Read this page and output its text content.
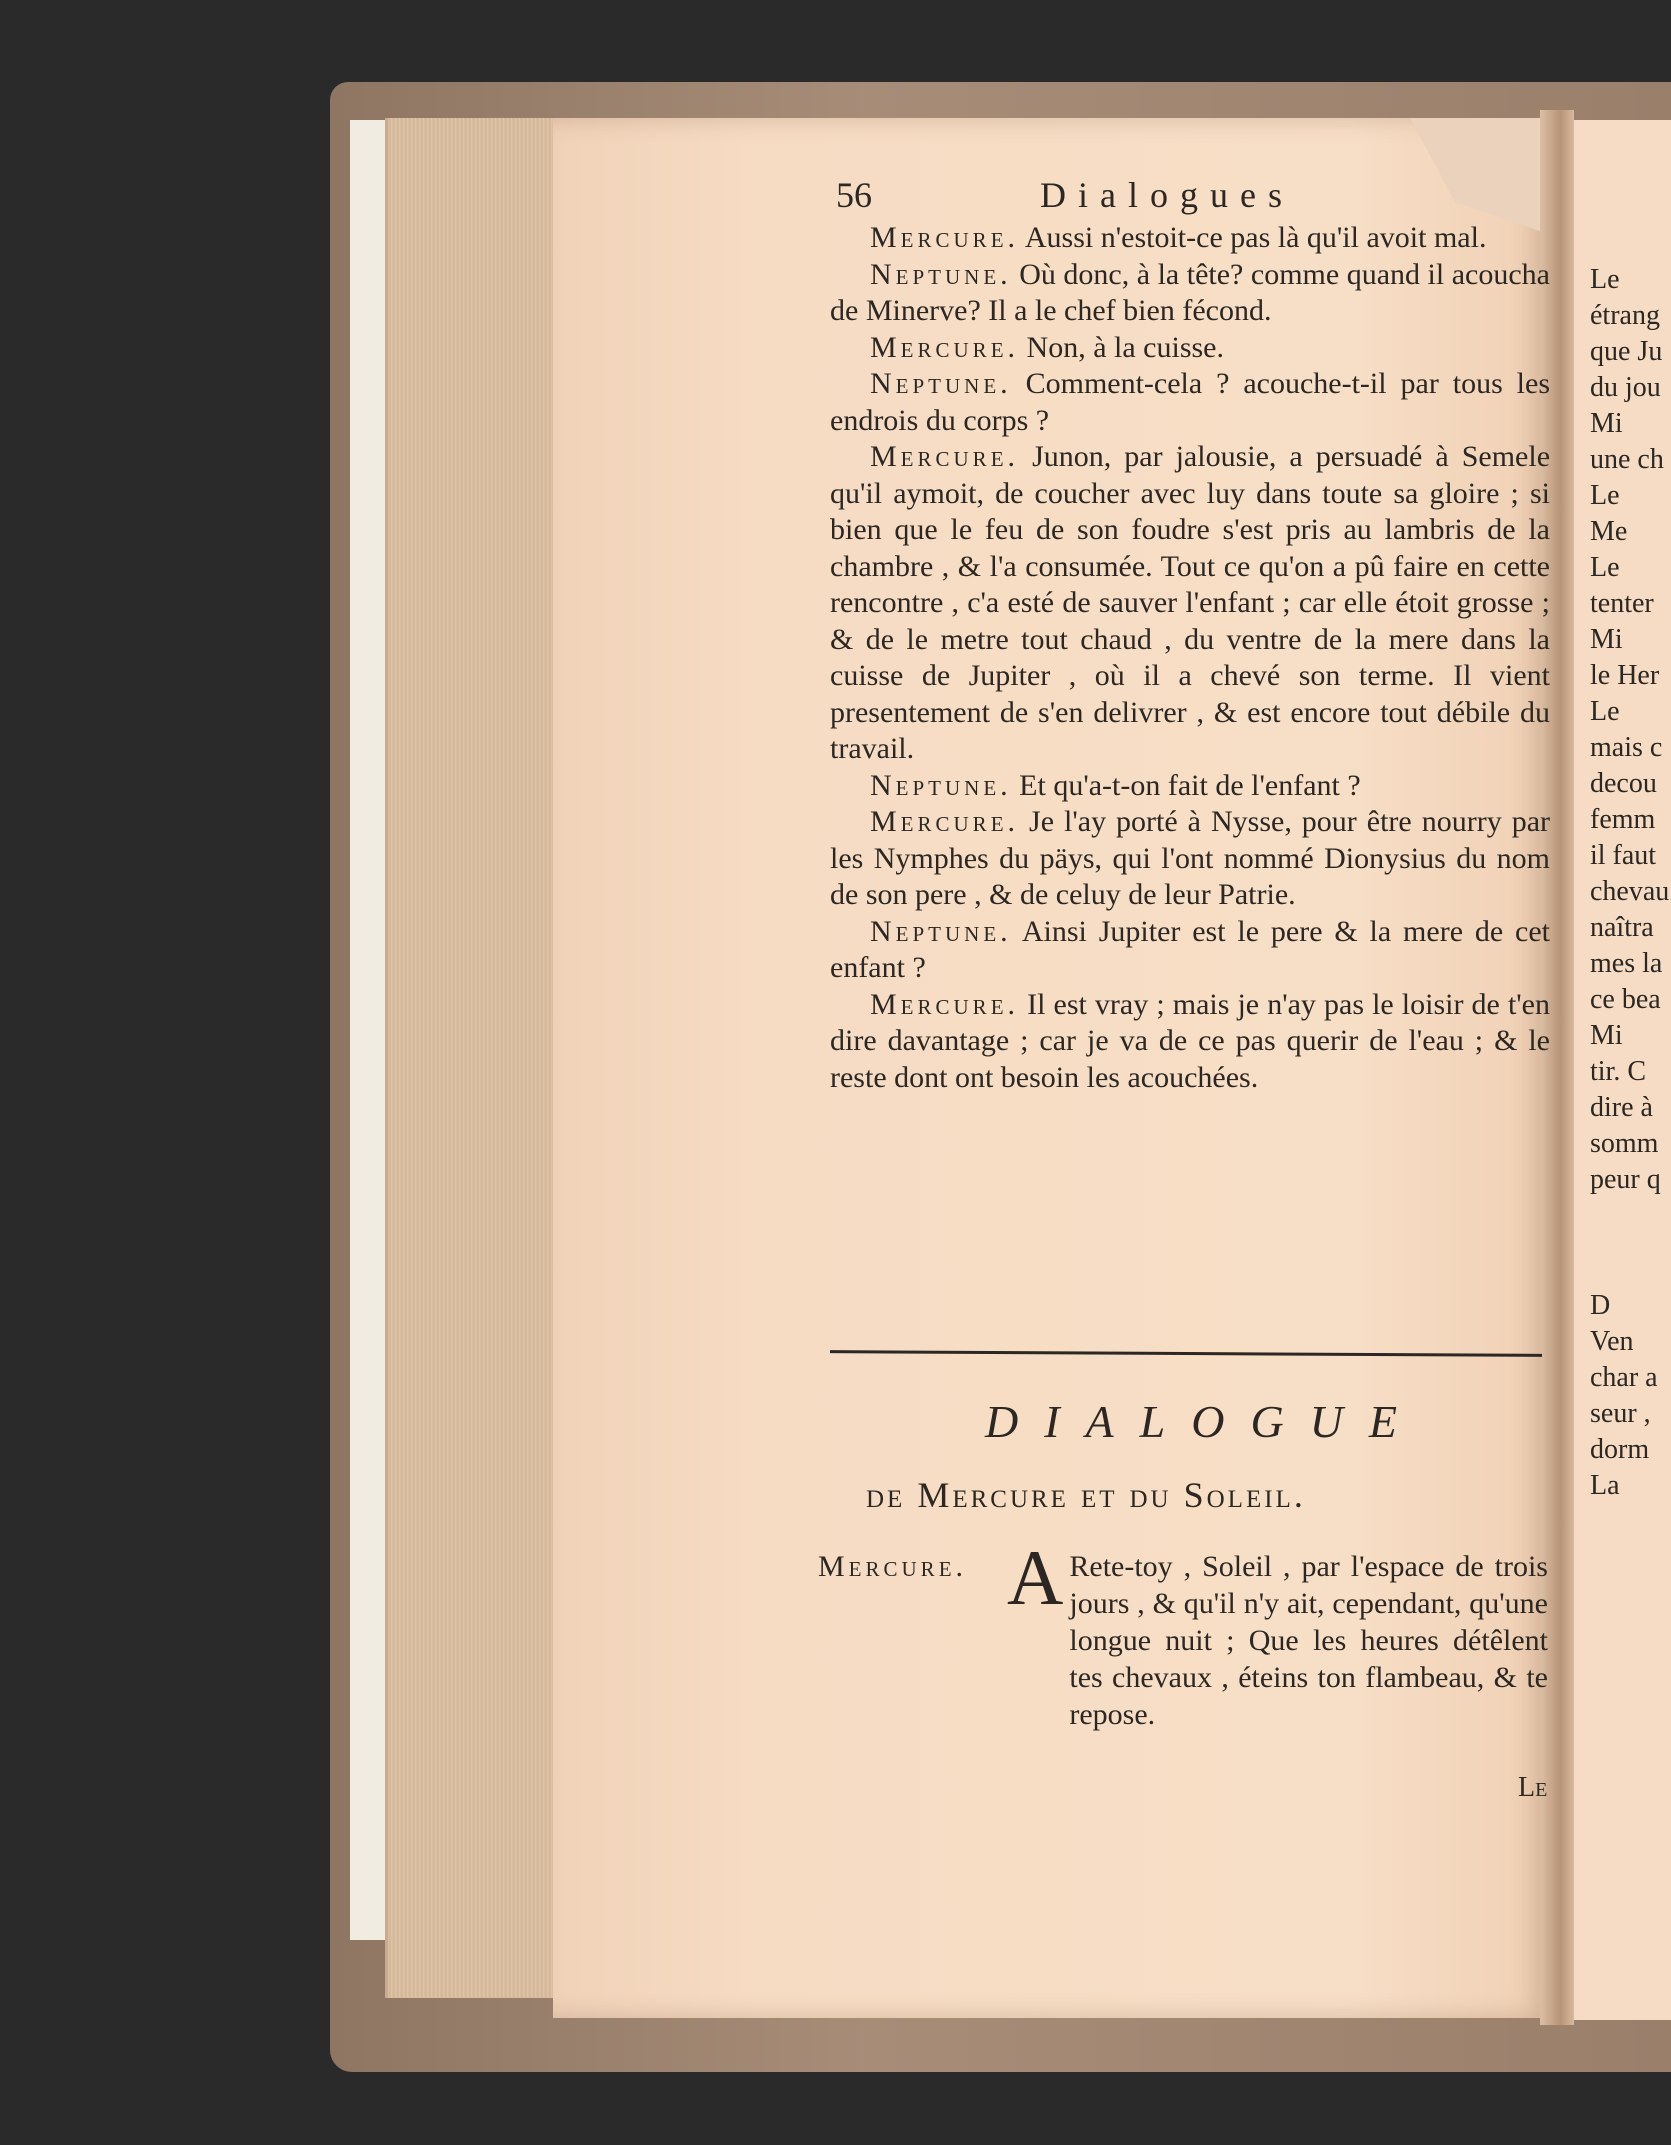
56	Dialogues

Mercure. Aussi n'estoit-ce pas là qu'il avoit mal.

Neptune. Où donc, à la tête? comme quand il acoucha de Minerve? Il a le chef bien fécond.

Mercure. Non, à la cuisse.

Neptune. Comment-cela ? acouche-t-il par tous les endrois du corps ?

Mercure. Junon, par jalousie, a persuadé à Semele qu'il aymoit, de coucher avec luy dans toute sa gloire ; si bien que le feu de son foudre s'est pris au lambris de la chambre , & l'a consumée. Tout ce qu'on a pû faire en cette rencontre , c'a esté de sauver l'enfant ; car elle étoit grosse ; & de le metre tout chaud , du ventre de la mere dans la cuisse de Jupiter , où il a chevé son terme. Il vient presentement de s'en delivrer , & est encore tout débile du travail.

Neptune. Et qu'a-t-on fait de l'enfant ?

Mercure. Je l'ay porté à Nysse, pour être nourry par les Nymphes du päys, qui l'ont nommé Dionysius du nom de son pere , & de celuy de leur Patrie.

Neptune. Ainsi Jupiter est le pere & la mere de cet enfant ?

Mercure. Il est vray ; mais je n'ay pas le loisir de t'en dire davantage ; car je va de ce pas querir de l'eau ; & le reste dont ont besoin les acouchées.

DIALOGUE
de Mercure et du Soleil.
Mercure. A Rete-toy , Soleil , par l'espace de trois jours , & qu'il n'y ait, cependant, qu'une longue nuit ; Que les heures détêlent tes chevaux , éteins ton flambeau, & te repose.
Le
Le
étrang
que Ju
du jou
Mi
une ch
Le
Me
Le
tenter
Mi
le Her
Le
mais c
decou
femm
il faut
chevau
naîtra
mes la
ce bea
Mi
tir. C
dire à
somm
peur q
D
Ven
char a
seur ,
dorm
La
